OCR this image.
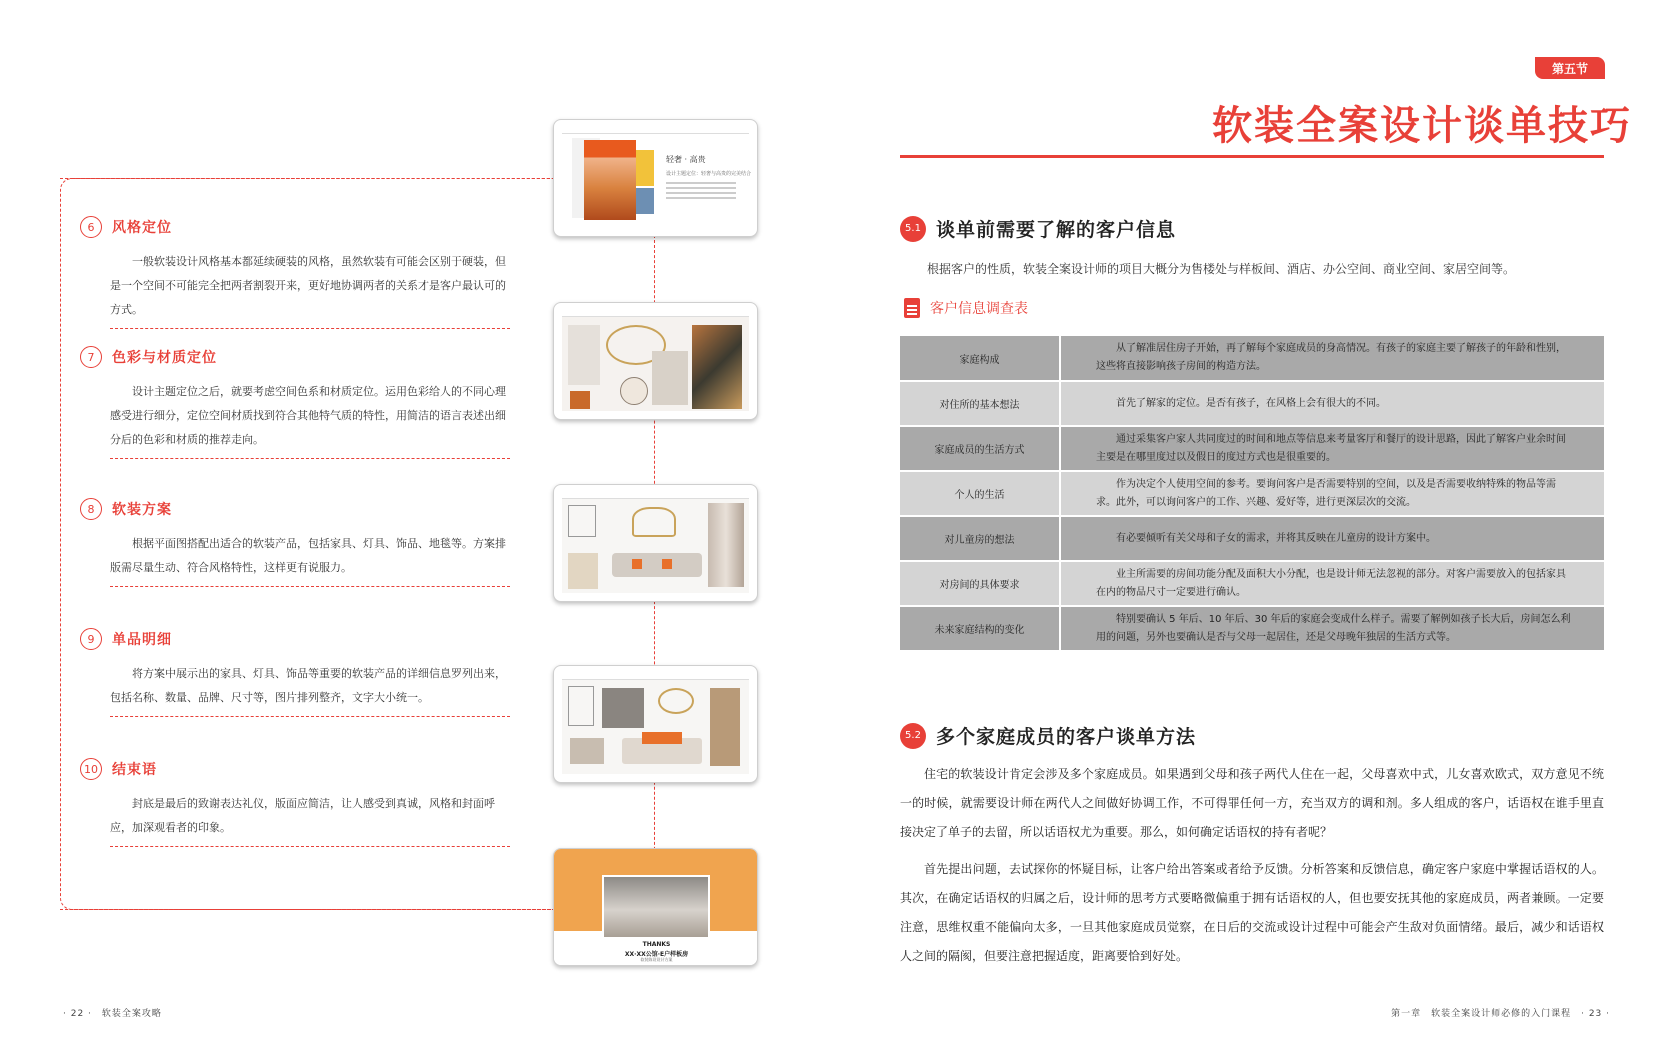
6	风格定位
一般软装设计风格基本都延续硬装的风格，虽然软装有可能会区别于硬装，但是一个空间不可能完全把两者割裂开来，更好地协调两者的关系才是客户最认可的方式。
7	色彩与材质定位
设计主题定位之后，就要考虑空间色系和材质定位。运用色彩给人的不同心理感受进行细分，定位空间材质找到符合其他特气质的特性，用简洁的语言表述出细分后的色彩和材质的推荐走向。
8	软装方案
根据平面图搭配出适合的软装产品，包括家具、灯具、饰品、地毯等。方案排版需尽量生动、符合风格特性，这样更有说服力。
9	单品明细
将方案中展示出的家具、灯具、饰品等重要的软装产品的详细信息罗列出来，包括名称、数量、品牌、尺寸等，图片排列整齐，文字大小统一。
10 结束语
封底是最后的致谢表达礼仪，版面应简洁，让人感受到真诚，风格和封面呼应，加深观看者的印象。
轻奢 · 高贵
设计主题定位：轻奢与高贵的完美结合
THANKS
XX·XX公馆·E户样板房
软装陈设设计方案
· 22 ·　软装全案攻略
第五节
软装全案设计谈单技巧
5.1 谈单前需要了解的客户信息
根据客户的性质，软装全案设计师的项目大概分为售楼处与样板间、酒店、办公空间、商业空间、家居空间等。
客户信息调查表
家庭构成	从了解准居住房子开始，再了解每个家庭成员的身高情况。有孩子的家庭主要了解孩子的年龄和性别，这些将直接影响孩子房间的构造方法。
对住所的基本想法	首先了解家的定位。是否有孩子，在风格上会有很大的不同。
家庭成员的生活方式	通过采集客户家人共同度过的时间和地点等信息来考量客厅和餐厅的设计思路，因此了解客户业余时间主要是在哪里度过以及假日的度过方式也是很重要的。
个人的生活	作为决定个人使用空间的参考。要询问客户是否需要特别的空间，以及是否需要收纳特殊的物品等需求。此外，可以询问客户的工作、兴趣、爱好等，进行更深层次的交流。
对儿童房的想法	有必要倾听有关父母和子女的需求，并将其反映在儿童房的设计方案中。
对房间的具体要求	业主所需要的房间功能分配及面积大小分配，也是设计师无法忽视的部分。对客户需要放入的包括家具在内的物品尺寸一定要进行确认。
未来家庭结构的变化	特别要确认 5 年后、10 年后、30 年后的家庭会变成什么样子。需要了解例如孩子长大后，房间怎么利用的问题，另外也要确认是否与父母一起居住，还是父母晚年独居的生活方式等。
5.2 多个家庭成员的客户谈单方法
住宅的软装设计肯定会涉及多个家庭成员。如果遇到父母和孩子两代人住在一起，父母喜欢中式，儿女喜欢欧式，双方意见不统一的时候，就需要设计师在两代人之间做好协调工作，不可得罪任何一方，充当双方的调和剂。多人组成的客户，话语权在谁手里直接决定了单子的去留，所以话语权尤为重要。那么，如何确定话语权的持有者呢？
首先提出问题，去试探你的怀疑目标，让客户给出答案或者给予反馈。分析答案和反馈信息，确定客户家庭中掌握话语权的人。其次，在确定话语权的归属之后，设计师的思考方式要略微偏重于拥有话语权的人，但也要安抚其他的家庭成员，两者兼顾。一定要注意，思维权重不能偏向太多，一旦其他家庭成员觉察，在日后的交流或设计过程中可能会产生敌对负面情绪。最后，减少和话语权人之间的隔阂，但要注意把握适度，距离要恰到好处。
第一章　软装全案设计师必修的入门课程　· 23 ·
